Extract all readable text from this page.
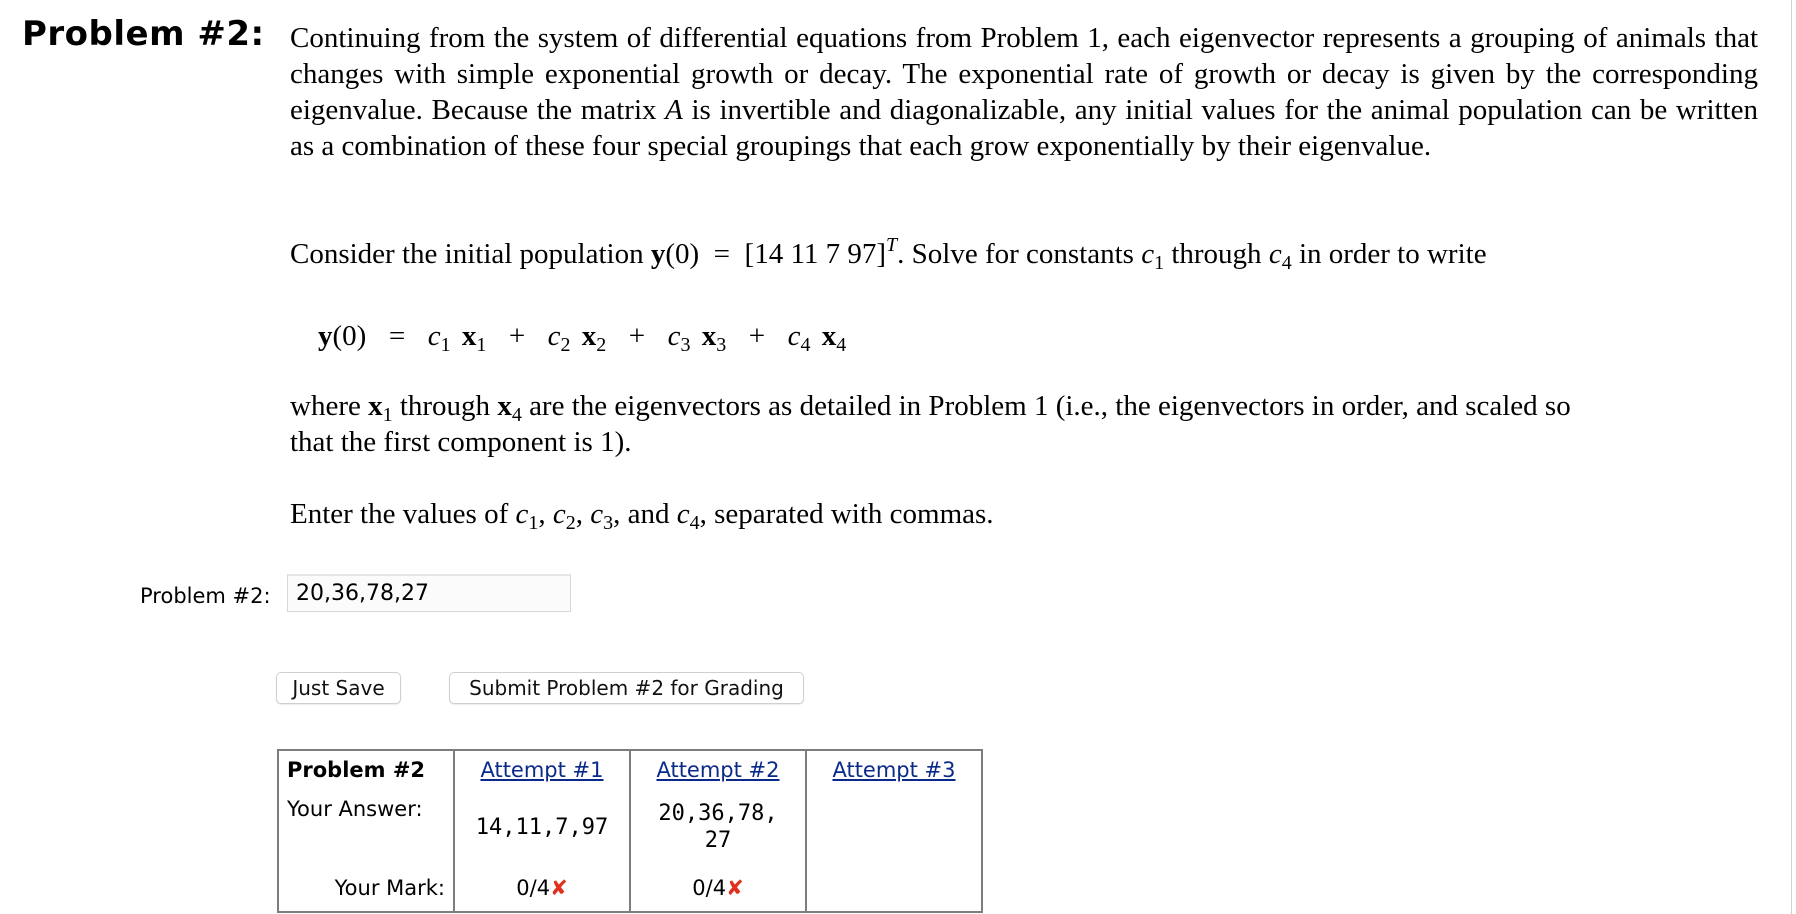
Problem #2: Continuing from the system of differential equations from Problem 1, each eigenvector represents a grouping of animals that changes with simple exponential growth or decay. The exponential rate of growth or decay is given by the corresponding eigenvalue. Because the matrix A is invertible and diagonalizable, any initial values for the animal population can be written as a combination of these four special groupings that each grow exponentially by their eigenvalue.
Consider the initial population y(0) = [14 11 7 97]$^T$. Solve for constants $c_1$ through $c_4$ in order to write
$y(0) = c_1$ $x_1 + c_2$ $x_2 + c_3$ $x_3 + c_4$ $x_4$
where $x_1$ through $x_4$ are the eigenvectors as detailed in Problem 1 (i.e., the eigenvectors in order, and scaled so
that the first component is 1).
Enter the values of $c_1$, $c_2$, $c_3$, and $c_4$, separated with commas.
Problem #2:
20,36,78,27
Just Save	Submit Problem #2 for Grading
Problem #2	Attempt #1	Attempt #2	Attempt #3
Your Answer:	14,11,7,97	20,36,78,
27	
Your Mark:	0/4✘	0/4✘	
